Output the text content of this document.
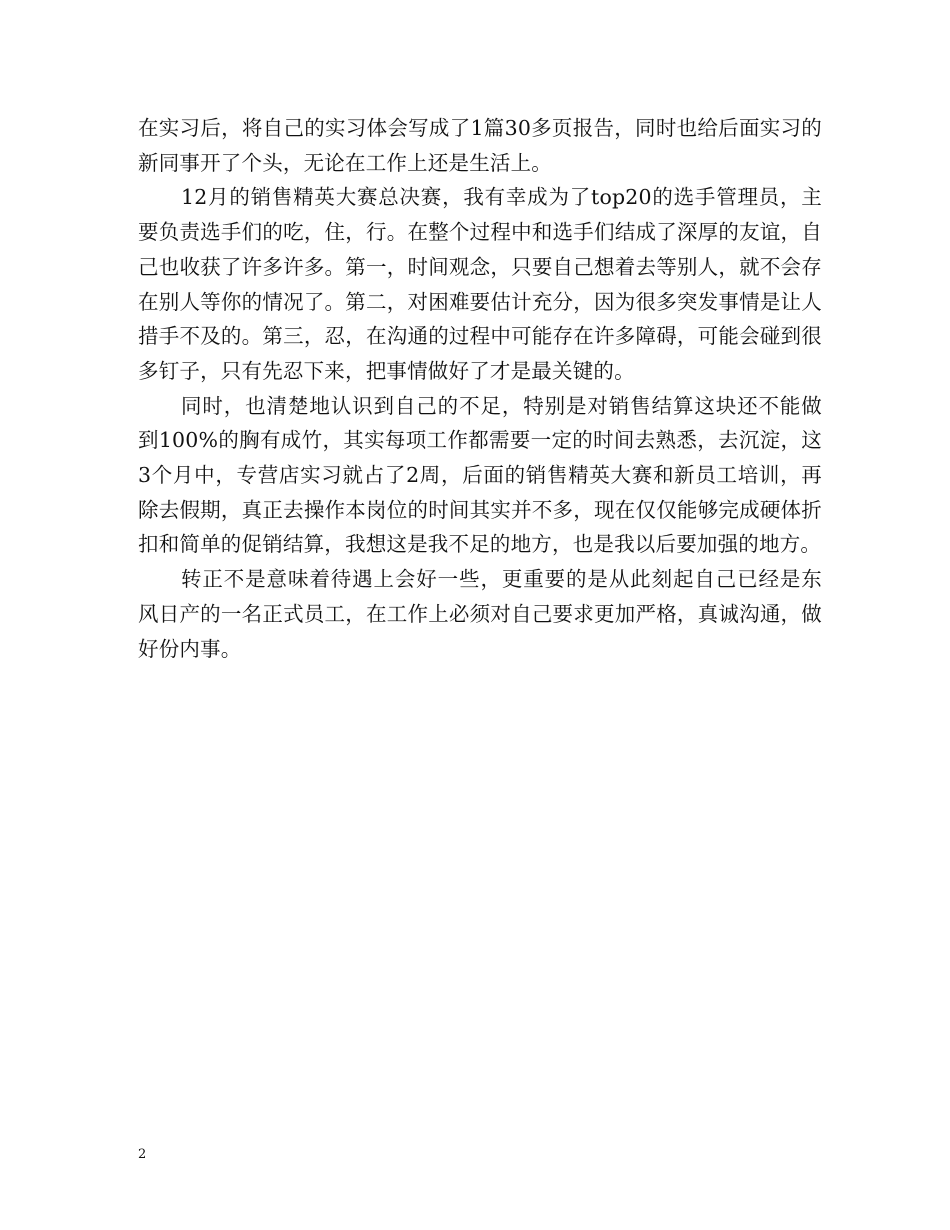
在实习后，将自己的实习体会写成了1篇30多页报告，同时也给后面实习的新同事开了个头，无论在工作上还是生活上。

12月的销售精英大赛总决赛，我有幸成为了top20的选手管理员，主要负责选手们的吃，住，行。在整个过程中和选手们结成了深厚的友谊，自己也收获了许多许多。第一，时间观念，只要自己想着去等别人，就不会存在别人等你的情况了。第二，对困难要估计充分，因为很多突发事情是让人措手不及的。第三，忍，在沟通的过程中可能存在许多障碍，可能会碰到很多钉子，只有先忍下来，把事情做好了才是最关键的。

同时，也清楚地认识到自己的不足，特别是对销售结算这块还不能做到100%的胸有成竹，其实每项工作都需要一定的时间去熟悉，去沉淀，这3个月中，专营店实习就占了2周，后面的销售精英大赛和新员工培训，再除去假期，真正去操作本岗位的时间其实并不多，现在仅仅能够完成硬体折扣和简单的促销结算，我想这是我不足的地方，也是我以后要加强的地方。

转正不是意味着待遇上会好一些，更重要的是从此刻起自己已经是东风日产的一名正式员工，在工作上必须对自己要求更加严格，真诚沟通，做好份内事。

2
